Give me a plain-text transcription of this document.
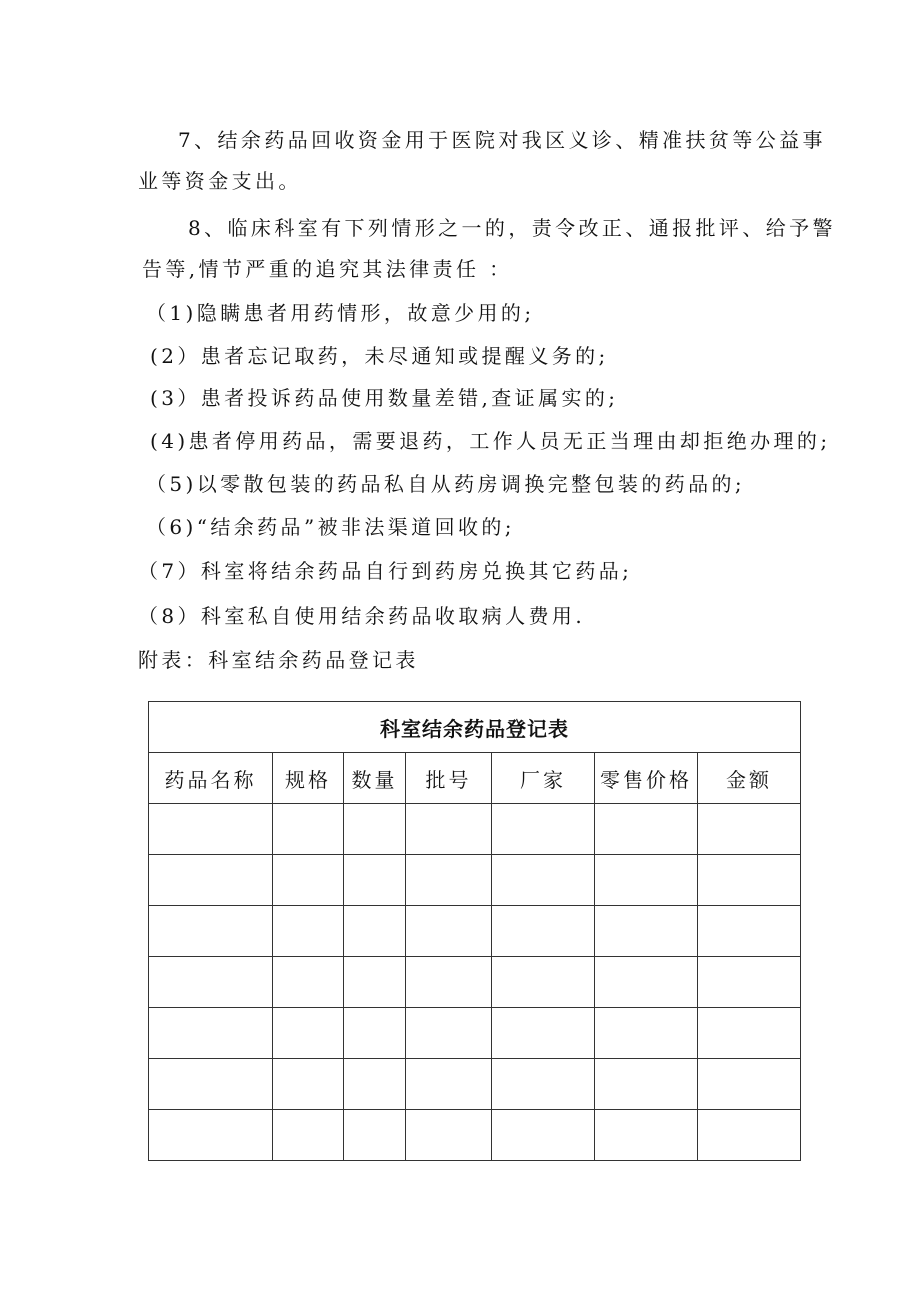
7、结余药品回收资金用于医院对我区义诊、精准扶贫等公益事
业等资金支出。
8、临床科室有下列情形之一的，责令改正、通报批评、给予警
告等,情节严重的追究其法律责任 ：
（1)隐瞒患者用药情形，故意少用的;
(2）患者忘记取药，未尽通知或提醒义务的;
(3）患者投诉药品使用数量差错,查证属实的;
(4)患者停用药品，需要退药，工作人员无正当理由却拒绝办理的;
（5)以零散包装的药品私自从药房调换完整包装的药品的;
（6)“结余药品”被非法渠道回收的;
（7）科室将结余药品自行到药房兑换其它药品;
（8）科室私自使用结余药品收取病人费用.
附表：科室结余药品登记表
科室结余药品登记表						
药品名称	规格	数量	批号	厂家	零售价格	金额
